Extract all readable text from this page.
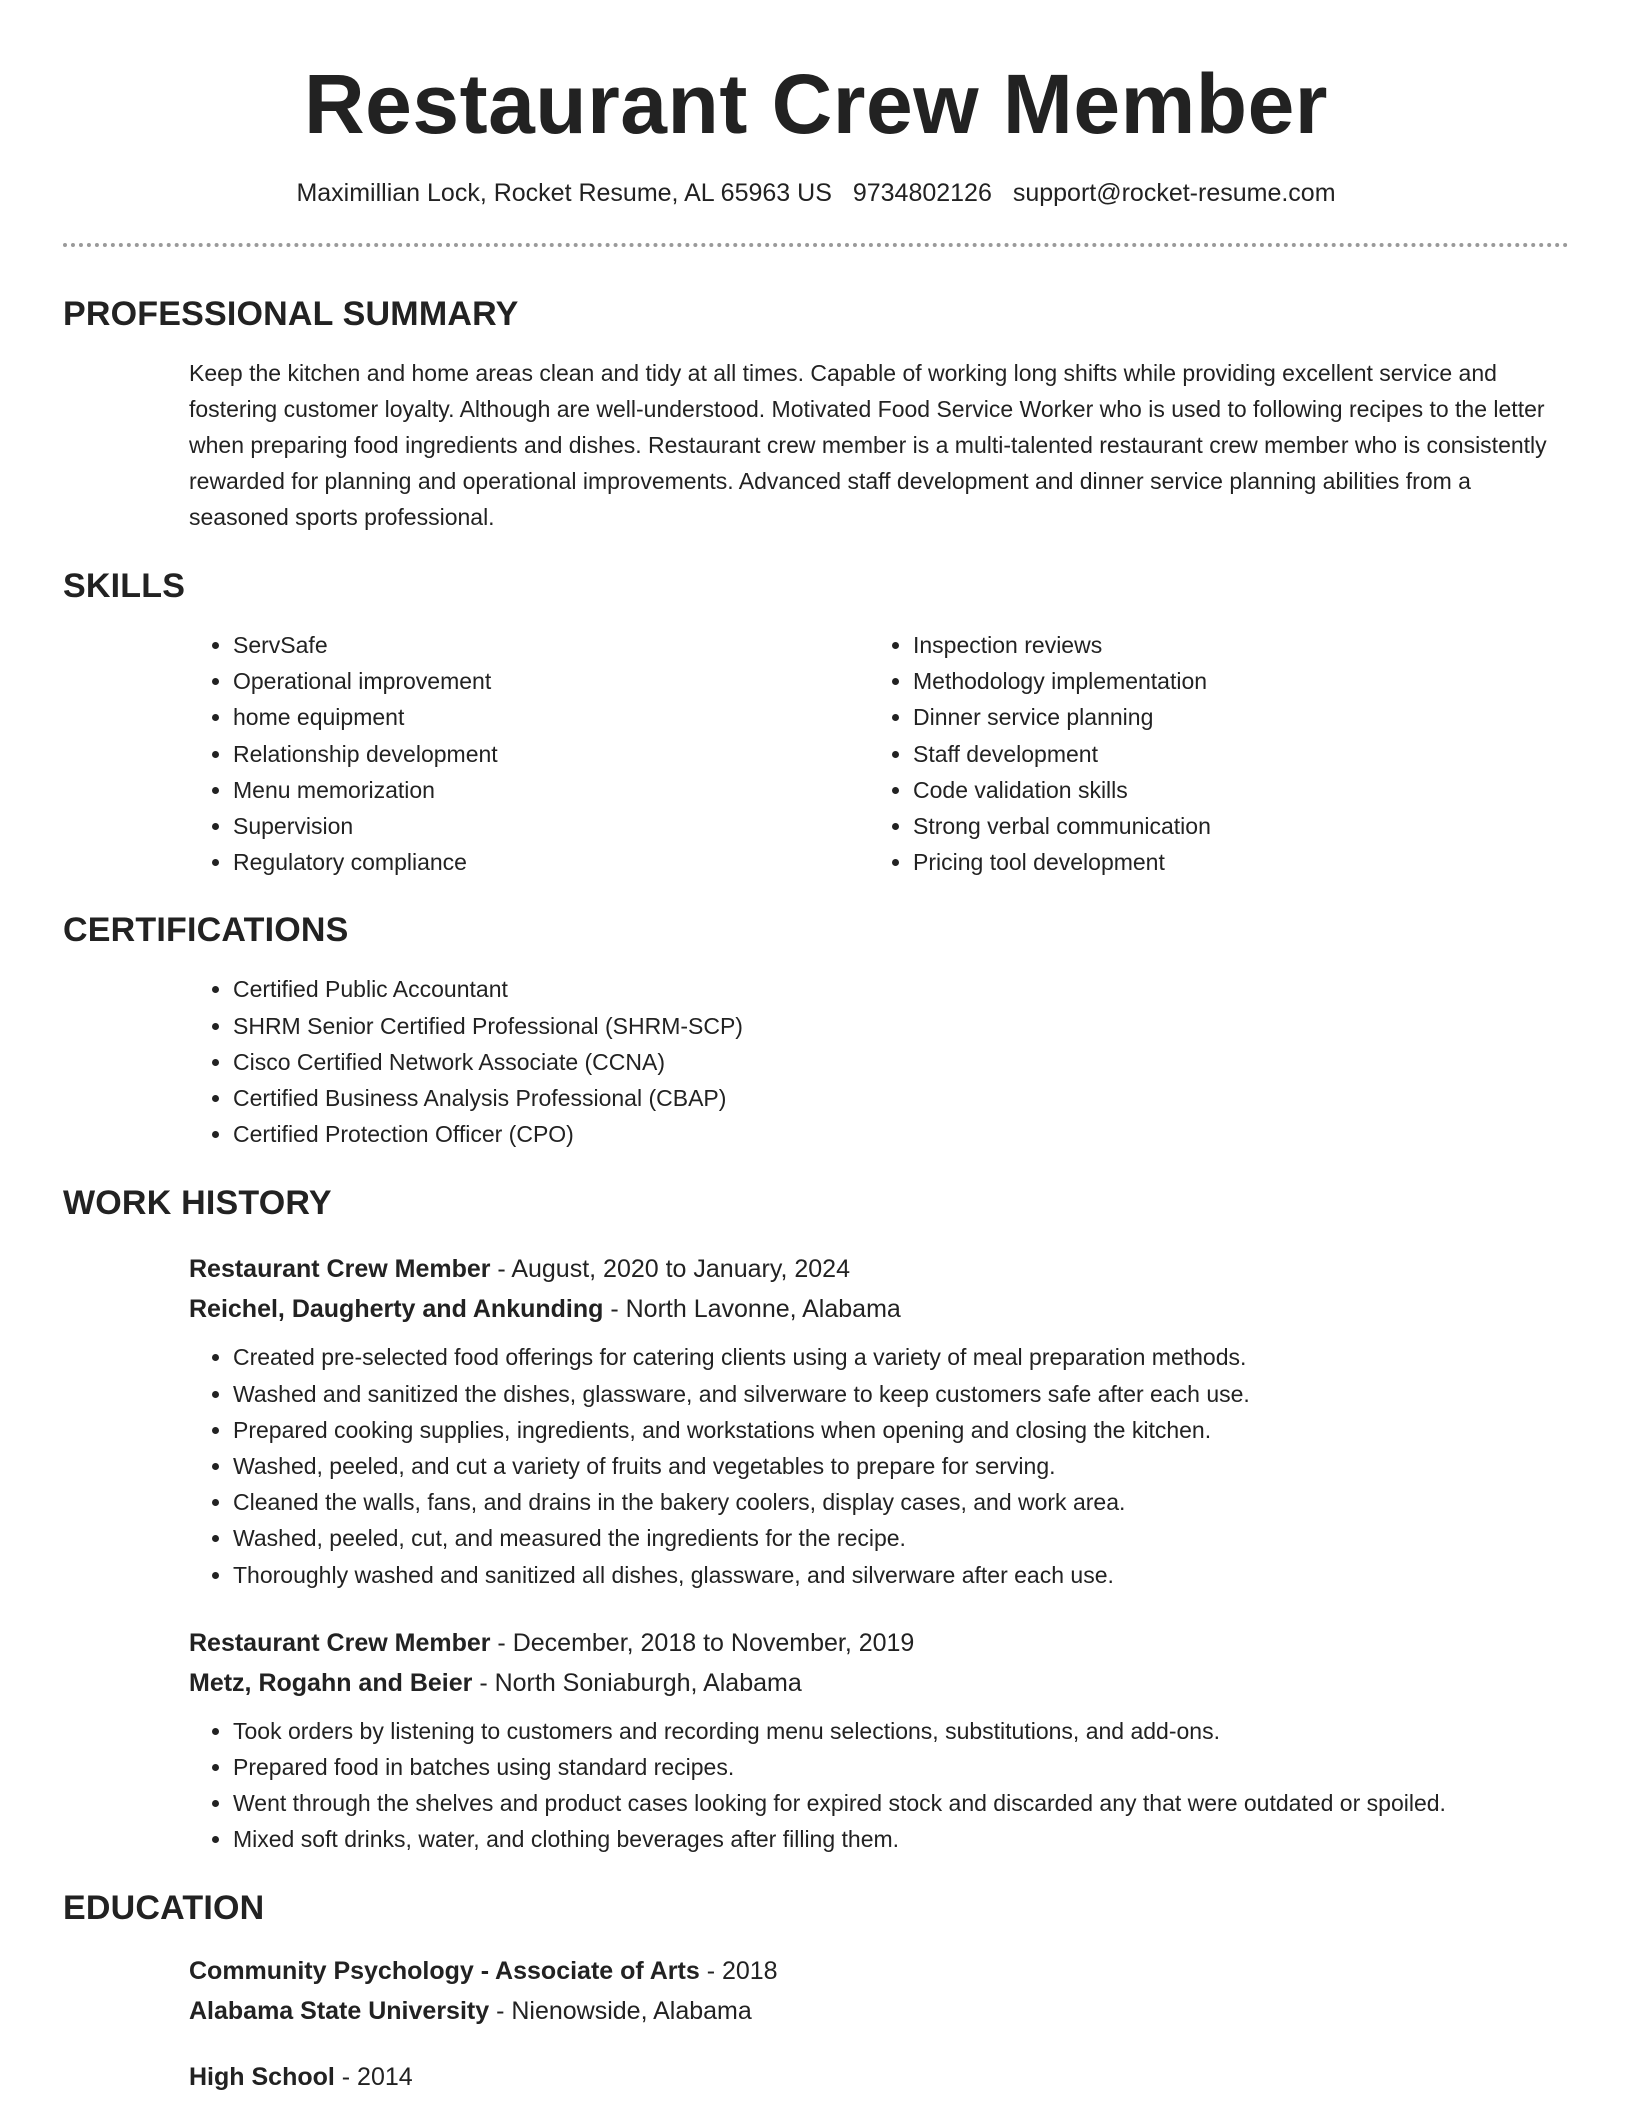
Restaurant Crew Member
Maximillian Lock, Rocket Resume, AL 65963 US 9734802126 support@rocket-resume.com
PROFESSIONAL SUMMARY
Keep the kitchen and home areas clean and tidy at all times. Capable of working long shifts while providing excellent service and fostering customer loyalty. Although are well-understood. Motivated Food Service Worker who is used to following recipes to the letter when preparing food ingredients and dishes. Restaurant crew member is a multi-talented restaurant crew member who is consistently rewarded for planning and operational improvements. Advanced staff development and dinner service planning abilities from a seasoned sports professional.
SKILLS
• ServSafe
• Operational improvement
• home equipment
• Relationship development
• Menu memorization
• Supervision
• Regulatory compliance
• Inspection reviews
• Methodology implementation
• Dinner service planning
• Staff development
• Code validation skills
• Strong verbal communication
• Pricing tool development
CERTIFICATIONS
• Certified Public Accountant
• SHRM Senior Certified Professional (SHRM-SCP)
• Cisco Certified Network Associate (CCNA)
• Certified Business Analysis Professional (CBAP)
• Certified Protection Officer (CPO)
WORK HISTORY
Restaurant Crew Member - August, 2020 to January, 2024
Reichel, Daugherty and Ankunding - North Lavonne, Alabama
• Created pre-selected food offerings for catering clients using a variety of meal preparation methods.
• Washed and sanitized the dishes, glassware, and silverware to keep customers safe after each use.
• Prepared cooking supplies, ingredients, and workstations when opening and closing the kitchen.
• Washed, peeled, and cut a variety of fruits and vegetables to prepare for serving.
• Cleaned the walls, fans, and drains in the bakery coolers, display cases, and work area.
• Washed, peeled, cut, and measured the ingredients for the recipe.
• Thoroughly washed and sanitized all dishes, glassware, and silverware after each use.
Restaurant Crew Member - December, 2018 to November, 2019
Metz, Rogahn and Beier - North Soniaburgh, Alabama
• Took orders by listening to customers and recording menu selections, substitutions, and add-ons.
• Prepared food in batches using standard recipes.
• Went through the shelves and product cases looking for expired stock and discarded any that were outdated or spoiled.
• Mixed soft drinks, water, and clothing beverages after filling them.
EDUCATION
Community Psychology - Associate of Arts - 2018
Alabama State University - Nienowside, Alabama
High School - 2014
